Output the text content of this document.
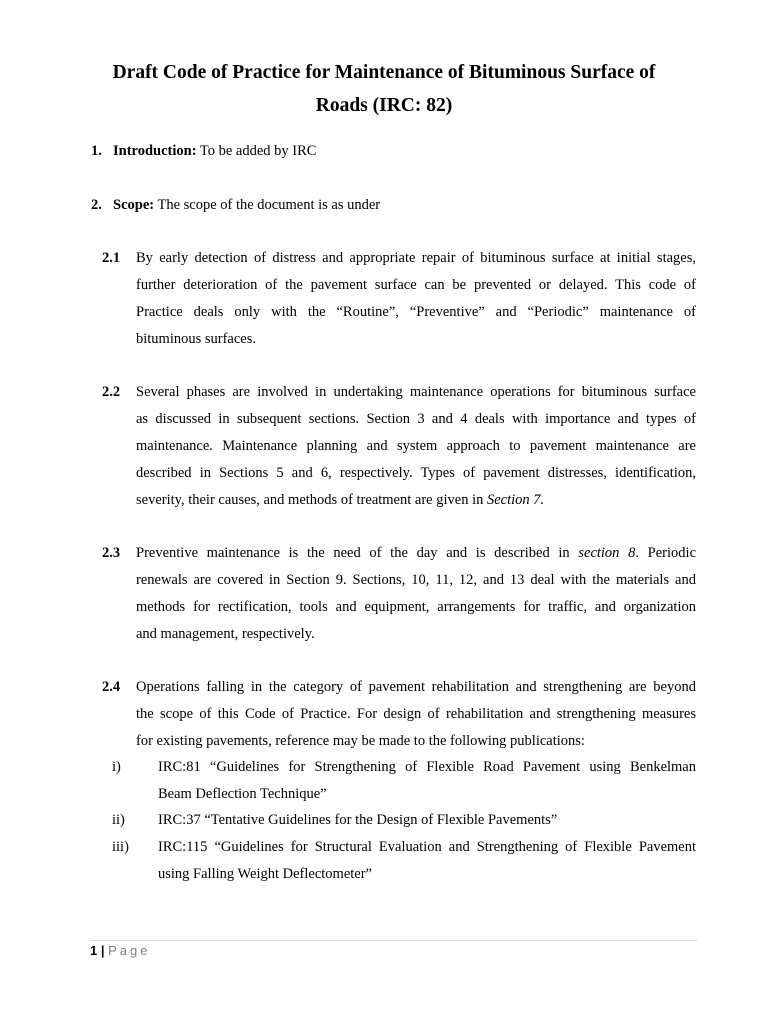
Draft Code of Practice for Maintenance of Bituminous Surface of
Roads (IRC: 82)
1. Introduction: To be added by IRC
2. Scope: The scope of the document is as under
2.1 By early detection of distress and appropriate repair of bituminous surface at initial stages,
further deterioration of the pavement surface can be prevented or delayed. This code of
Practice deals only with the “Routine”, “Preventive” and “Periodic” maintenance of
bituminous surfaces.
2.2 Several phases are involved in undertaking maintenance operations for bituminous surface
as discussed in subsequent sections. Section 3 and 4 deals with importance and types of
maintenance. Maintenance planning and system approach to pavement maintenance are
described in Sections 5 and 6, respectively. Types of pavement distresses, identification,
severity, their causes, and methods of treatment are given in Section 7.
2.3 Preventive maintenance is the need of the day and is described in section 8. Periodic
renewals are covered in Section 9. Sections, 10, 11, 12, and 13 deal with the materials and
methods for rectification, tools and equipment, arrangements for traffic, and organization
and management, respectively.
2.4 Operations falling in the category of pavement rehabilitation and strengthening are beyond
the scope of this Code of Practice. For design of rehabilitation and strengthening measures
for existing pavements, reference may be made to the following publications:
i)	IRC:81 “Guidelines for Strengthening of Flexible Road Pavement using Benkelman
Beam Deflection Technique”
ii)	IRC:37 “Tentative Guidelines for the Design of Flexible Pavements”
iii)	IRC:115 “Guidelines for Structural Evaluation and Strengthening of Flexible Pavement
using Falling Weight Deflectometer”
1 | Page
